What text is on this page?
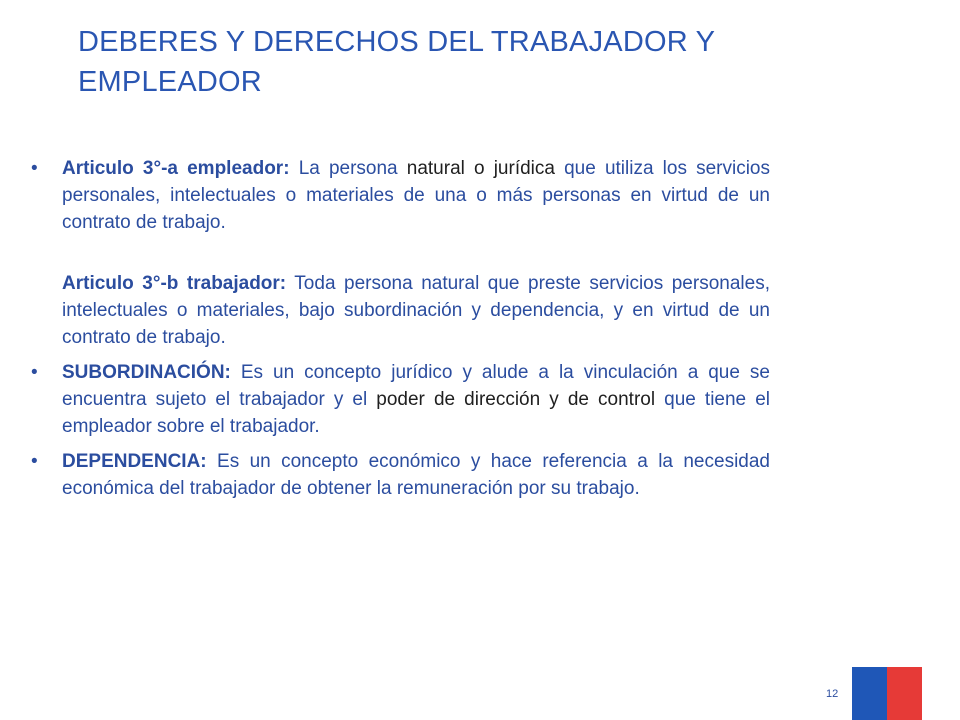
DEBERES Y DERECHOS DEL TRABAJADOR Y EMPLEADOR
• Articulo 3°-a empleador: La persona natural o jurídica que utiliza los servicios personales, intelectuales o materiales de una o más personas en virtud de un contrato de trabajo.
Articulo 3°-b trabajador: Toda persona natural que preste servicios personales, intelectuales o materiales, bajo subordinación y dependencia, y en virtud de un contrato de trabajo.
• SUBORDINACIÓN: Es un concepto jurídico y alude a la vinculación a que se encuentra sujeto el trabajador y el poder de dirección y de control que tiene el empleador sobre el trabajador.
• DEPENDENCIA: Es un concepto económico y hace referencia a la necesidad económica del trabajador de obtener la remuneración por su trabajo.
12
